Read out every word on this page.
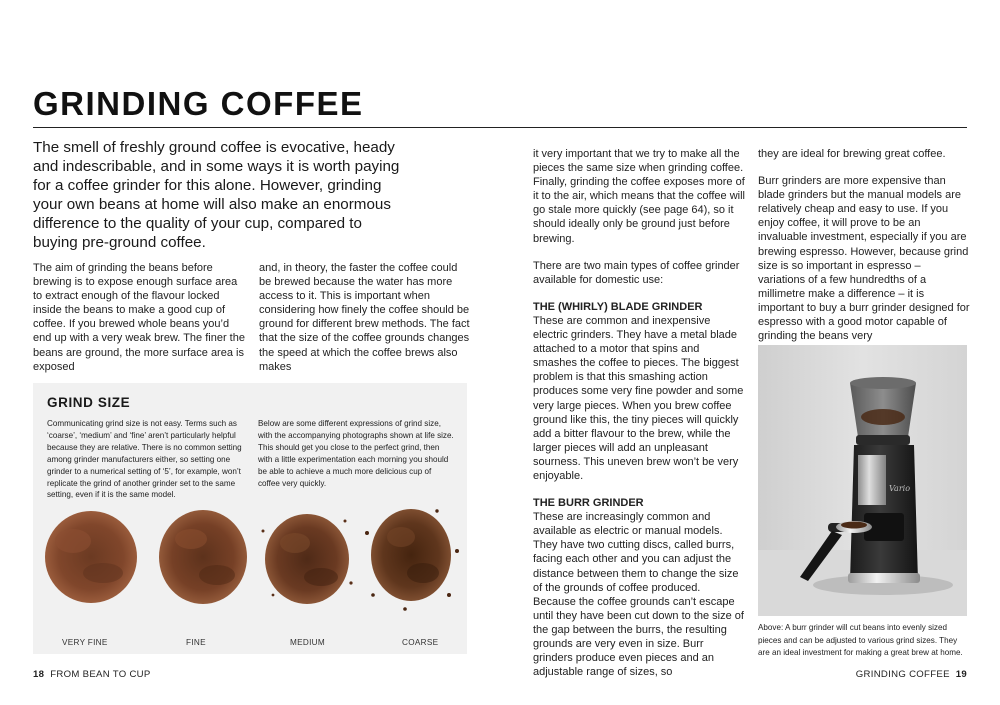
GRINDING COFFEE
The smell of freshly ground coffee is evocative, heady and indescribable, and in some ways it is worth paying for a coffee grinder for this alone. However, grinding your own beans at home will also make an enormous difference to the quality of your cup, compared to buying pre-ground coffee.

The aim of grinding the beans before brewing is to expose enough surface area to extract enough of the flavour locked inside the beans to make a good cup of coffee. If you brewed whole beans you’d end up with a very weak brew. The finer the beans are ground, the more surface area is exposed

and, in theory, the faster the coffee could be brewed because the water has more access to it. This is important when considering how finely the coffee should be ground for different brew methods. The fact that the size of the coffee grounds changes the speed at which the coffee brews also makes

GRIND SIZE
Communicating grind size is not easy. Terms such as ‘coarse’, ‘medium’ and ‘fine’ aren’t particularly helpful because they are relative. There is no common setting among grinder manufacturers either, so setting one grinder to a numerical setting of ‘5’, for example, won’t replicate the grind of another grinder set to the same setting, even if it is the same model.
Below are some different expressions of grind size, with the accompanying photographs shown at life size. This should get you close to the perfect grind, then with a little experimentation each morning you should be able to achieve a much more delicious cup of coffee very quickly.
VERY FINE	FINE	MEDIUM	COARSE

it very important that we try to make all the pieces the same size when grinding coffee. Finally, grinding the coffee exposes more of it to the air, which means that the coffee will go stale more quickly (see page 64), so it should ideally only be ground just before brewing.

There are two main types of coffee grinder available for domestic use:

THE (WHIRLY) BLADE GRINDER

These are common and inexpensive electric grinders. They have a metal blade attached to a motor that spins and smashes the coffee to pieces. The biggest problem is that this smashing action produces some very fine powder and some very large pieces. When you brew coffee ground like this, the tiny pieces will quickly add a bitter flavour to the brew, while the larger pieces will add an unpleasant sourness. This uneven brew won’t be very enjoyable.

THE BURR GRINDER

These are increasingly common and available as electric or manual models. They have two cutting discs, called burrs, facing each other and you can adjust the distance between them to change the size of the grounds of coffee produced. Because the coffee grounds can’t escape until they have been cut down to the size of the gap between the burrs, the resulting grounds are very even in size. Burr grinders produce even pieces and an adjustable range of sizes, so

they are ideal for brewing great coffee.

Burr grinders are more expensive than blade grinders but the manual models are relatively cheap and easy to use. If you enjoy coffee, it will prove to be an invaluable investment, especially if you are brewing espresso. However, because grind size is so important in espresso – variations of a few hundredths of a millimetre make a difference – it is important to buy a burr grinder designed for espresso with a good motor capable of grinding the beans very

Vario
Above: A burr grinder will cut beans into evenly sized pieces and can be adjusted to various grind sizes. They are an ideal investment for making a great brew at home.
18 FROM BEAN TO CUP	GRINDING COFFEE 19
